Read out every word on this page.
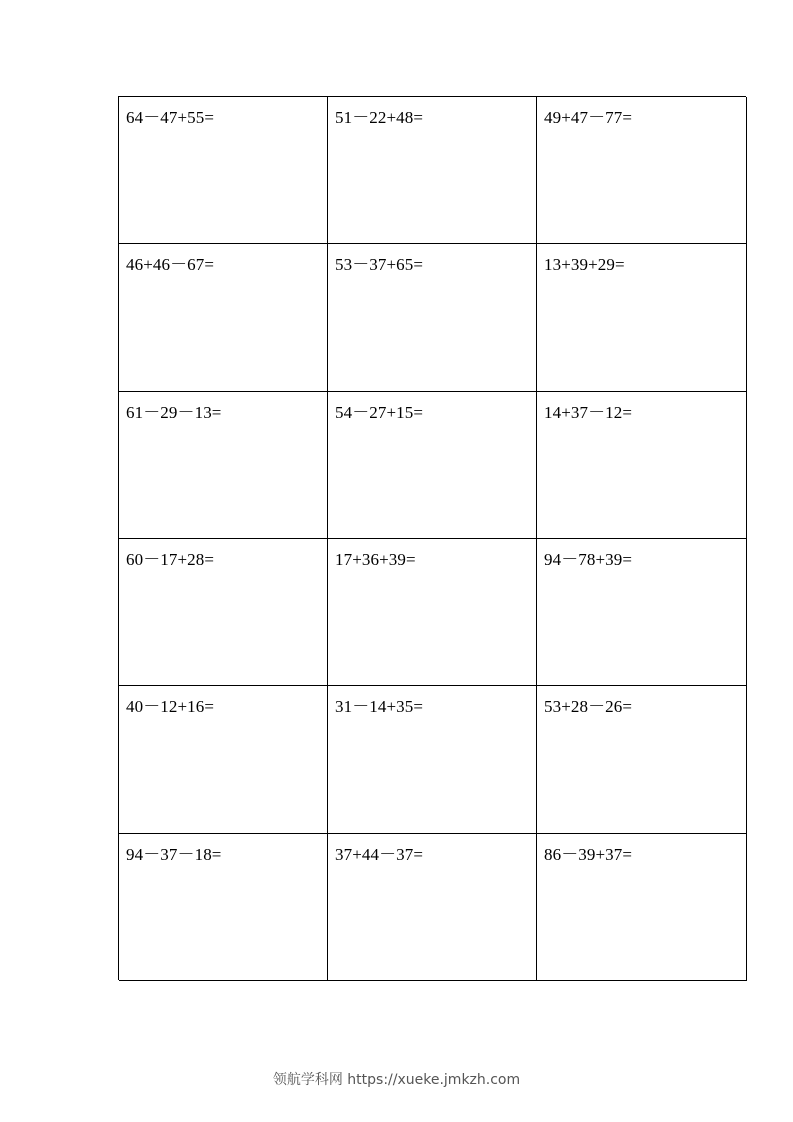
64－47+55=	51－22+48=	49+47－77=
46+46－67=	53－37+65=	13+39+29=
61－29－13=	54－27+15=	14+37－12=
60－17+28=	17+36+39=	94－78+39=
40－12+16=	31－14+35=	53+28－26=
94－37－18=	37+44－37=	86－39+37=
领航学科网 https://xueke.jmkzh.com
